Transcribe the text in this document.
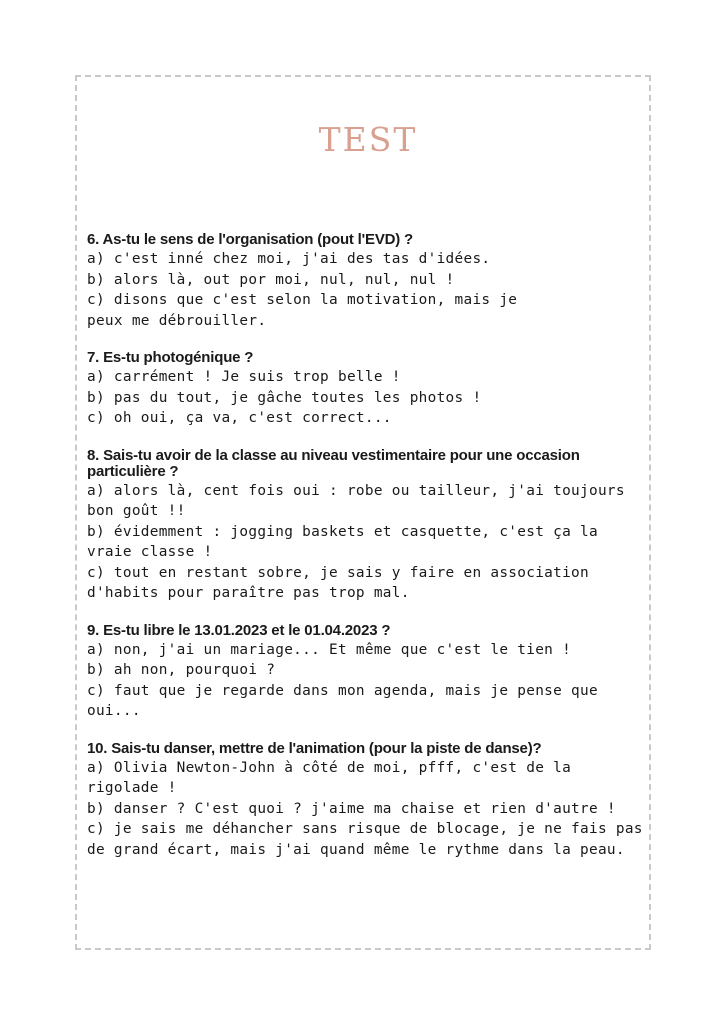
TEST

6. As-tu le sens de l'organisation (pout l'EVD) ?

a) c'est inné chez moi, j'ai des tas d'idées.

b) alors là, out por moi, nul, nul, nul !

c) disons que c'est selon la motivation, mais je peux me débrouiller.

7. Es-tu photogénique ?

a) carrément ! Je suis trop belle !

b) pas du tout, je gâche toutes les photos !

c) oh oui, ça va, c'est correct...

8. Sais-tu avoir de la classe au niveau vestimentaire pour une occasion particulière ?

a) alors là, cent fois oui : robe ou tailleur, j'ai toujours bon goût !!

b) évidemment : jogging baskets et casquette, c'est ça la vraie classe !

c) tout en restant sobre, je sais y faire en association d'habits pour paraître pas trop mal.

9. Es-tu libre le 13.01.2023 et le 01.04.2023 ?

a) non, j'ai un mariage... Et même que c'est le tien !

b) ah non, pourquoi ?

c) faut que je regarde dans mon agenda, mais je pense que oui...

10. Sais-tu danser, mettre de l'animation (pour la piste de danse)?

a) Olivia Newton-John à côté de moi, pfff, c'est de la rigolade !

b) danser ? C'est quoi ? j'aime ma chaise et rien d'autre !

c) je sais me déhancher sans risque de blocage, je ne fais pas de grand écart, mais j'ai quand même le rythme dans la peau.
